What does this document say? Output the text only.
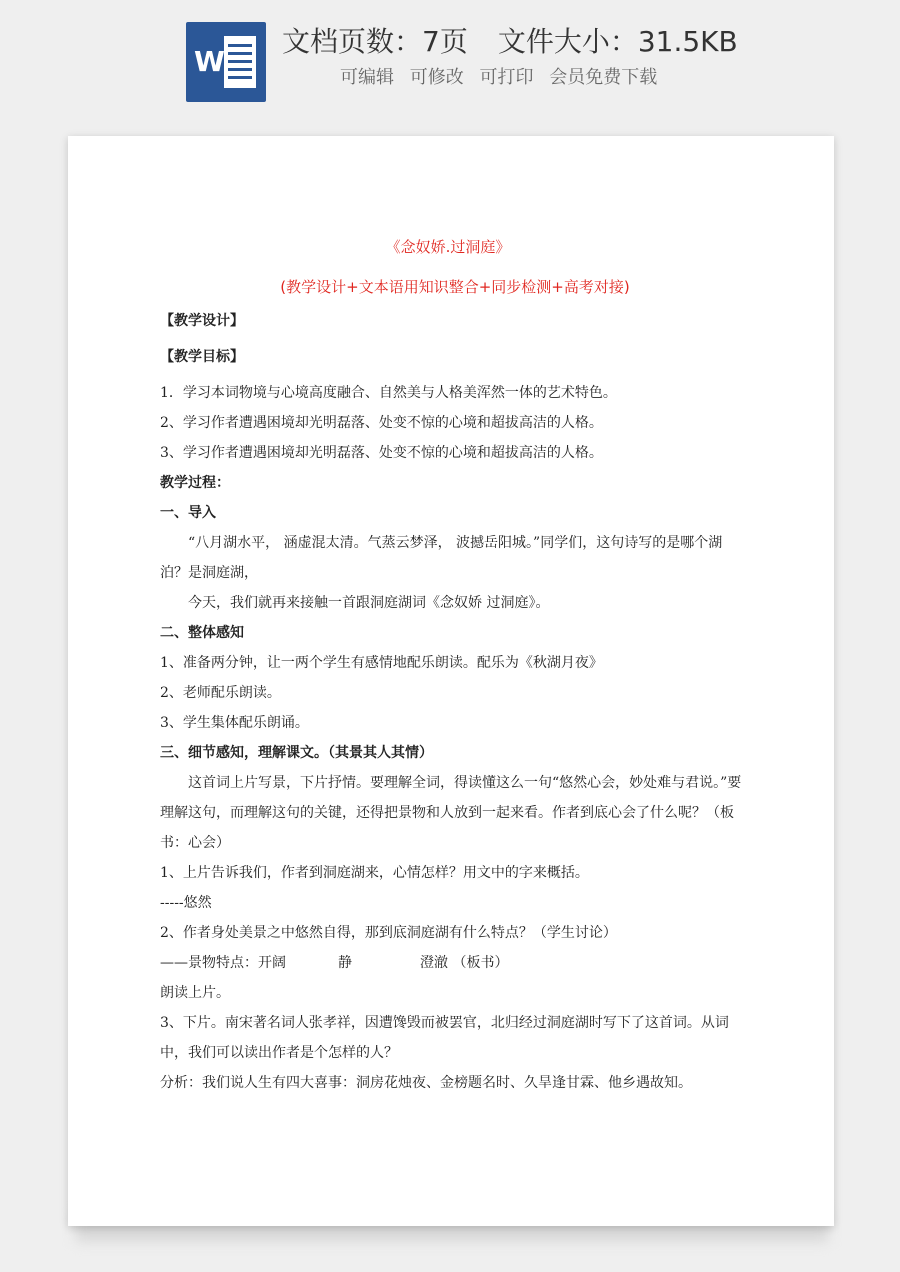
W
文档页数：7页 文件大小：31.5KB
可编辑 可修改 可打印 会员免费下载
《念奴娇.过洞庭》
(教学设计+文本语用知识整合+同步检测+高考对接)
【教学设计】
【教学目标】

1．学习本词物境与心境高度融合、自然美与人格美浑然一体的艺术特色。

2、学习作者遭遇困境却光明磊落、处变不惊的心境和超拔高洁的人格。

3、学习作者遭遇困境却光明磊落、处变不惊的心境和超拔高洁的人格。

教学过程：

一、导入

“八月湖水平， 涵虚混太清。气蒸云梦泽， 波撼岳阳城。”同学们，这句诗写的是哪个湖泊？是洞庭湖，

今天，我们就再来接触一首跟洞庭湖词《念奴娇 过洞庭》。

二、整体感知

1、准备两分钟，让一两个学生有感情地配乐朗读。配乐为《秋湖月夜》

2、老师配乐朗读。

3、学生集体配乐朗诵。

三、细节感知，理解课文。（其景其人其情）

这首词上片写景，下片抒情。要理解全词，得读懂这么一句“悠然心会，妙处难与君说。”要理解这句，而理解这句的关键，还得把景物和人放到一起来看。作者到底心会了什么呢？（板书：心会）

1、上片告诉我们，作者到洞庭湖来，心情怎样？用文中的字来概括。

-----悠然

2、作者身处美景之中悠然自得，那到底洞庭湖有什么特点？（学生讨论）

——景物特点：开阔	静	澄澈 （板书）

朗读上片。

3、下片。南宋著名词人张孝祥，因遭馋毁而被罢官，北归经过洞庭湖时写下了这首词。从词中，我们可以读出作者是个怎样的人？

分析：我们说人生有四大喜事：洞房花烛夜、金榜题名时、久旱逢甘霖、他乡遇故知。
